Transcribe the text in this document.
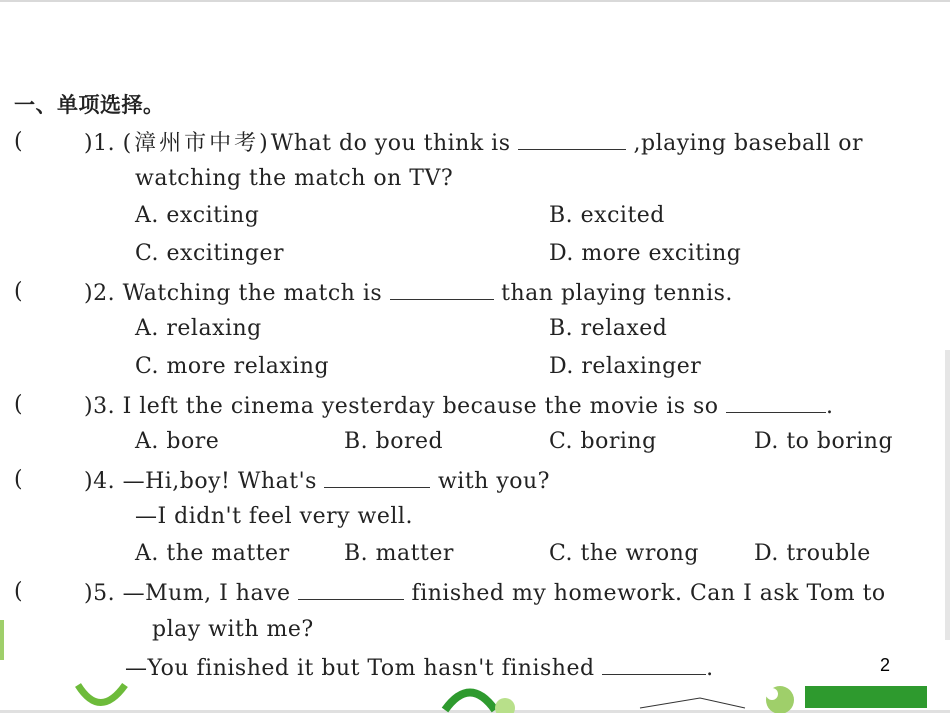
一、单项选择。
(	)1. (漳州市中考)What do you think is	,playing baseball or
watching the match on TV?
A. exciting	B. excited
C. excitinger	D. more exciting
(	)2. Watching the match is	than playing tennis.
A. relaxing	B. relaxed
C. more relaxing	D. relaxinger
(	)3. I left the cinema yesterday because the movie is so	.
A. bore	B. bored	C. boring	D. to boring
(	)4. —Hi,boy! What's	with you?
—I didn't feel very well.
A. the matter B. matter	C. the wrong	D. trouble
(	)5. —Mum, I have	finished my homework. Can I ask Tom to
play with me?
—You finished it but Tom hasn't finished	.	2
